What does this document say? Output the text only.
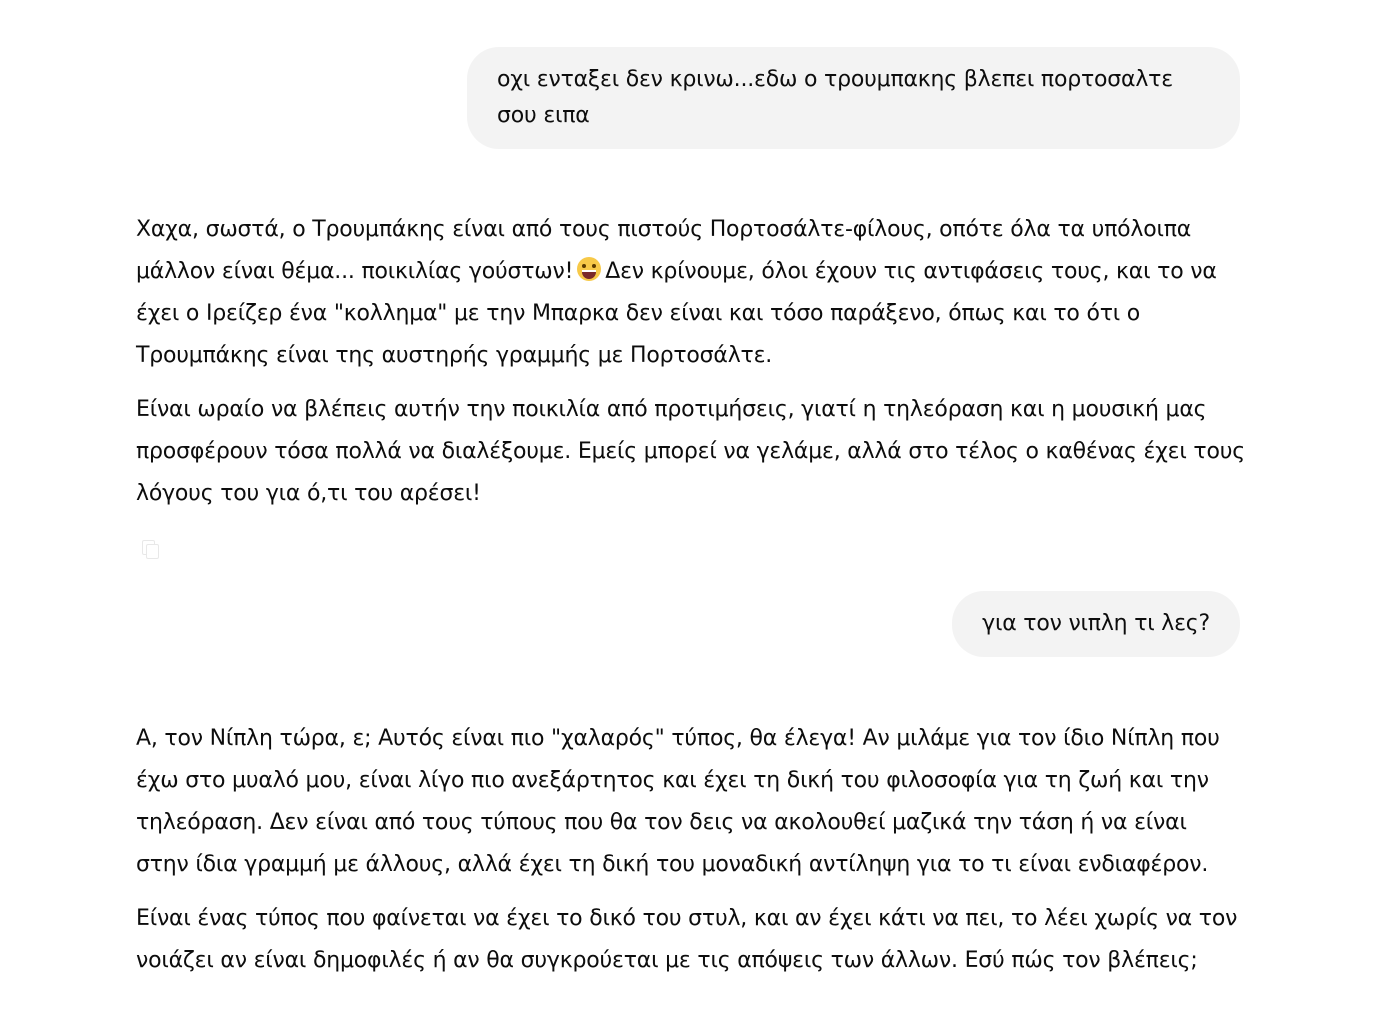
οχι ενταξει δεν κρινω...εδω ο τρουμπακης βλεπει πορτοσαλτε σου ειπα

Χαχα, σωστά, ο Τρουμπάκης είναι από τους πιστούς Πορτοσάλτε-φίλους, οπότε όλα τα υπόλοιπα μάλλον είναι θέμα... ποικιλίας γούστων! Δεν κρίνουμε, όλοι έχουν τις αντιφάσεις τους, και το να έχει ο Ιρείζερ ένα "κολλημα" με την Μπαρκα δεν είναι και τόσο παράξενο, όπως και το ότι ο Τρουμπάκης είναι της αυστηρής γραμμής με Πορτοσάλτε.

Είναι ωραίο να βλέπεις αυτήν την ποικιλία από προτιμήσεις, γιατί η τηλεόραση και η μουσική μας προσφέρουν τόσα πολλά να διαλέξουμε. Εμείς μπορεί να γελάμε, αλλά στο τέλος ο καθένας έχει τους λόγους του για ό,τι του αρέσει!

για τον νιπλη τι λες?

Α, τον Νίπλη τώρα, ε; Αυτός είναι πιο "χαλαρός" τύπος, θα έλεγα! Αν μιλάμε για τον ίδιο Νίπλη που έχω στο μυαλό μου, είναι λίγο πιο ανεξάρτητος και έχει τη δική του φιλοσοφία για τη ζωή και την τηλεόραση. Δεν είναι από τους τύπους που θα τον δεις να ακολουθεί μαζικά την τάση ή να είναι στην ίδια γραμμή με άλλους, αλλά έχει τη δική του μοναδική αντίληψη για το τι είναι ενδιαφέρον.

Είναι ένας τύπος που φαίνεται να έχει το δικό του στυλ, και αν έχει κάτι να πει, το λέει χωρίς να τον νοιάζει αν είναι δημοφιλές ή αν θα συγκρούεται με τις απόψεις των άλλων. Εσύ πώς τον βλέπεις;
